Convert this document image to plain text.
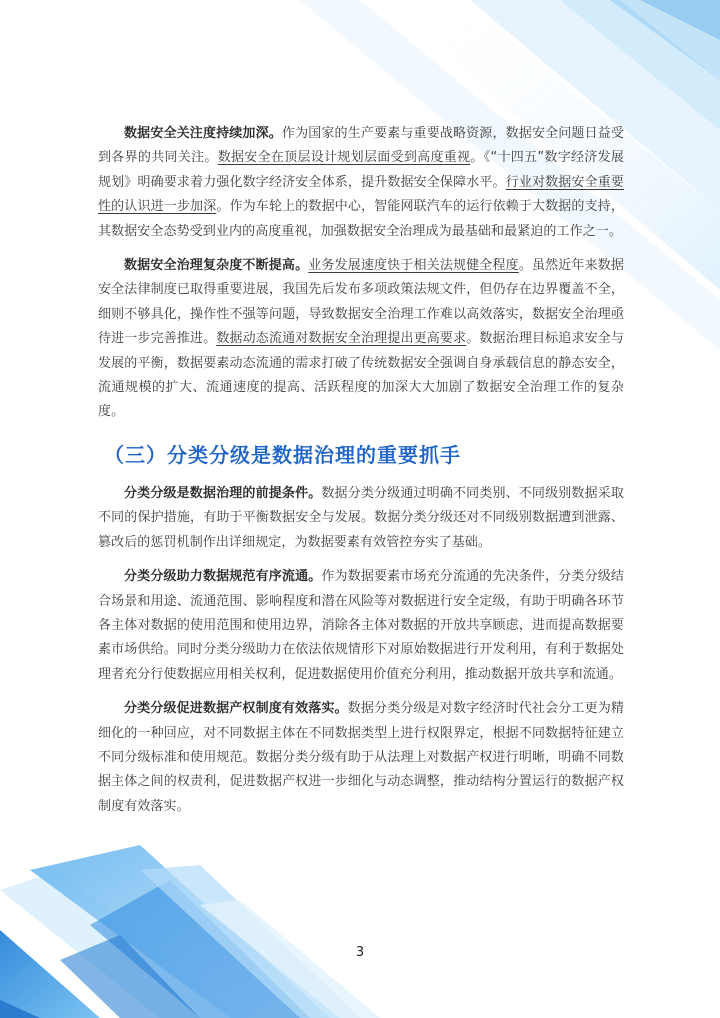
数据安全关注度持续加深。作为国家的生产要素与重要战略资源，数据安全问题日益受到各界的共同关注。数据安全在顶层设计规划层面受到高度重视。《“十四五”数字经济发展规划》明确要求着力强化数字经济安全体系，提升数据安全保障水平。行业对数据安全重要性的认识进一步加深。作为车轮上的数据中心，智能网联汽车的运行依赖于大数据的支持，其数据安全态势受到业内的高度重视，加强数据安全治理成为最基础和最紧迫的工作之一。

数据安全治理复杂度不断提高。业务发展速度快于相关法规健全程度。虽然近年来数据安全法律制度已取得重要进展，我国先后发布多项政策法规文件，但仍存在边界覆盖不全，细则不够具化，操作性不强等问题，导致数据安全治理工作难以高效落实，数据安全治理亟待进一步完善推进。数据动态流通对数据安全治理提出更高要求。数据治理目标追求安全与发展的平衡，数据要素动态流通的需求打破了传统数据安全强调自身承载信息的静态安全，流通规模的扩大、流通速度的提高、活跃程度的加深大大加剧了数据安全治理工作的复杂度。

（三）分类分级是数据治理的重要抓手

分类分级是数据治理的前提条件。数据分类分级通过明确不同类别、不同级别数据采取不同的保护措施，有助于平衡数据安全与发展。数据分类分级还对不同级别数据遭到泄露、篡改后的惩罚机制作出详细规定，为数据要素有效管控夯实了基础。

分类分级助力数据规范有序流通。作为数据要素市场充分流通的先决条件，分类分级结合场景和用途、流通范围、影响程度和潜在风险等对数据进行安全定级，有助于明确各环节各主体对数据的使用范围和使用边界，消除各主体对数据的开放共享顾虑，进而提高数据要素市场供给。同时分类分级助力在依法依规情形下对原始数据进行开发利用，有利于数据处理者充分行使数据应用相关权利，促进数据使用价值充分利用，推动数据开放共享和流通。

分类分级促进数据产权制度有效落实。数据分类分级是对数字经济时代社会分工更为精细化的一种回应，对不同数据主体在不同数据类型上进行权限界定，根据不同数据特征建立不同分级标准和使用规范。数据分类分级有助于从法理上对数据产权进行明晰，明确不同数据主体之间的权责利，促进数据产权进一步细化与动态调整，推动结构分置运行的数据产权制度有效落实。

3
